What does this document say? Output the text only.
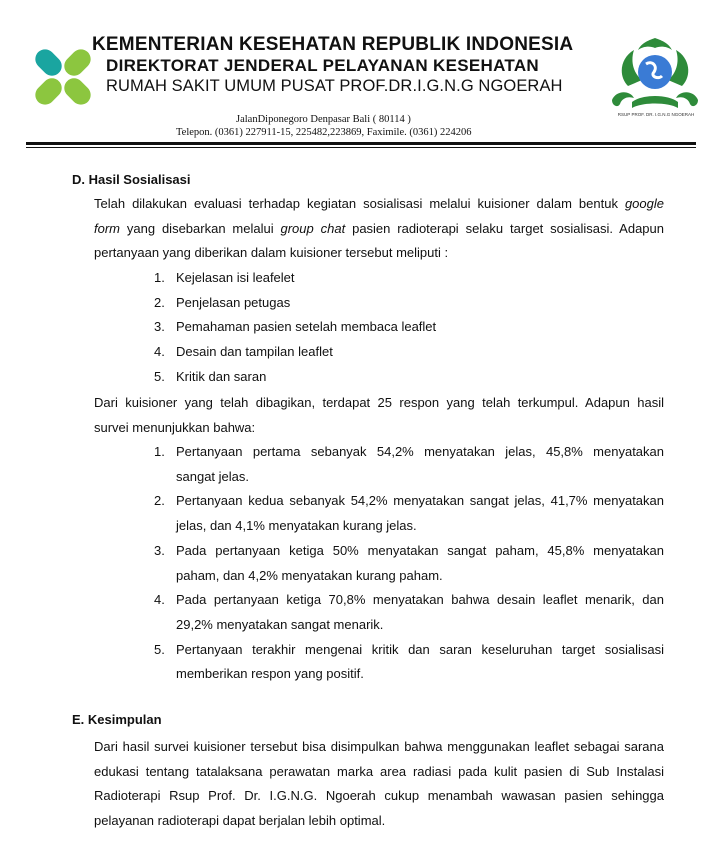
KEMENTERIAN KESEHATAN REPUBLIK INDONESIA
DIREKTORAT JENDERAL PELAYANAN KESEHATAN
RUMAH SAKIT UMUM PUSAT PROF.DR.I.G.N.G NGOERAH
JalanDiponegoro Denpasar Bali ( 80114 )
Telepon. (0361) 227911-15, 225482,223869, Faximile. (0361) 224206
RSUP PROF. DR. I.G.N.G NGOERAH
D. Hasil Sosialisasi
Telah dilakukan evaluasi terhadap kegiatan sosialisasi melalui kuisioner dalam bentuk google
form yang disebarkan melalui group chat pasien radioterapi selaku target sosialisasi. Adapun
pertanyaan yang diberikan dalam kuisioner tersebut meliputi :
1. Kejelasan isi leafelet
2. Penjelasan petugas
3. Pemahaman pasien setelah membaca leaflet
4. Desain dan tampilan leaflet
5. Kritik dan saran
Dari kuisioner yang telah dibagikan, terdapat 25 respon yang telah terkumpul. Adapun hasil
survei menunjukkan bahwa:
1. Pertanyaan pertama sebanyak 54,2% menyatakan jelas, 45,8% menyatakan
sangat jelas.
2. Pertanyaan kedua sebanyak 54,2% menyatakan sangat jelas, 41,7% menyatakan
jelas, dan 4,1% menyatakan kurang jelas.
3. Pada pertanyaan ketiga 50% menyatakan sangat paham, 45,8% menyatakan
paham, dan 4,2% menyatakan kurang paham.
4. Pada pertanyaan ketiga 70,8% menyatakan bahwa desain leaflet menarik, dan
29,2% menyatakan sangat menarik.
5. Pertanyaan terakhir mengenai kritik dan saran keseluruhan target sosialisasi
memberikan respon yang positif.
E. Kesimpulan
Dari hasil survei kuisioner tersebut bisa disimpulkan bahwa menggunakan leaflet sebagai sarana
edukasi tentang tatalaksana perawatan marka area radiasi pada kulit pasien di Sub Instalasi
Radioterapi Rsup Prof. Dr. I.G.N.G. Ngoerah cukup menambah wawasan pasien sehingga
pelayanan radioterapi dapat berjalan lebih optimal.
